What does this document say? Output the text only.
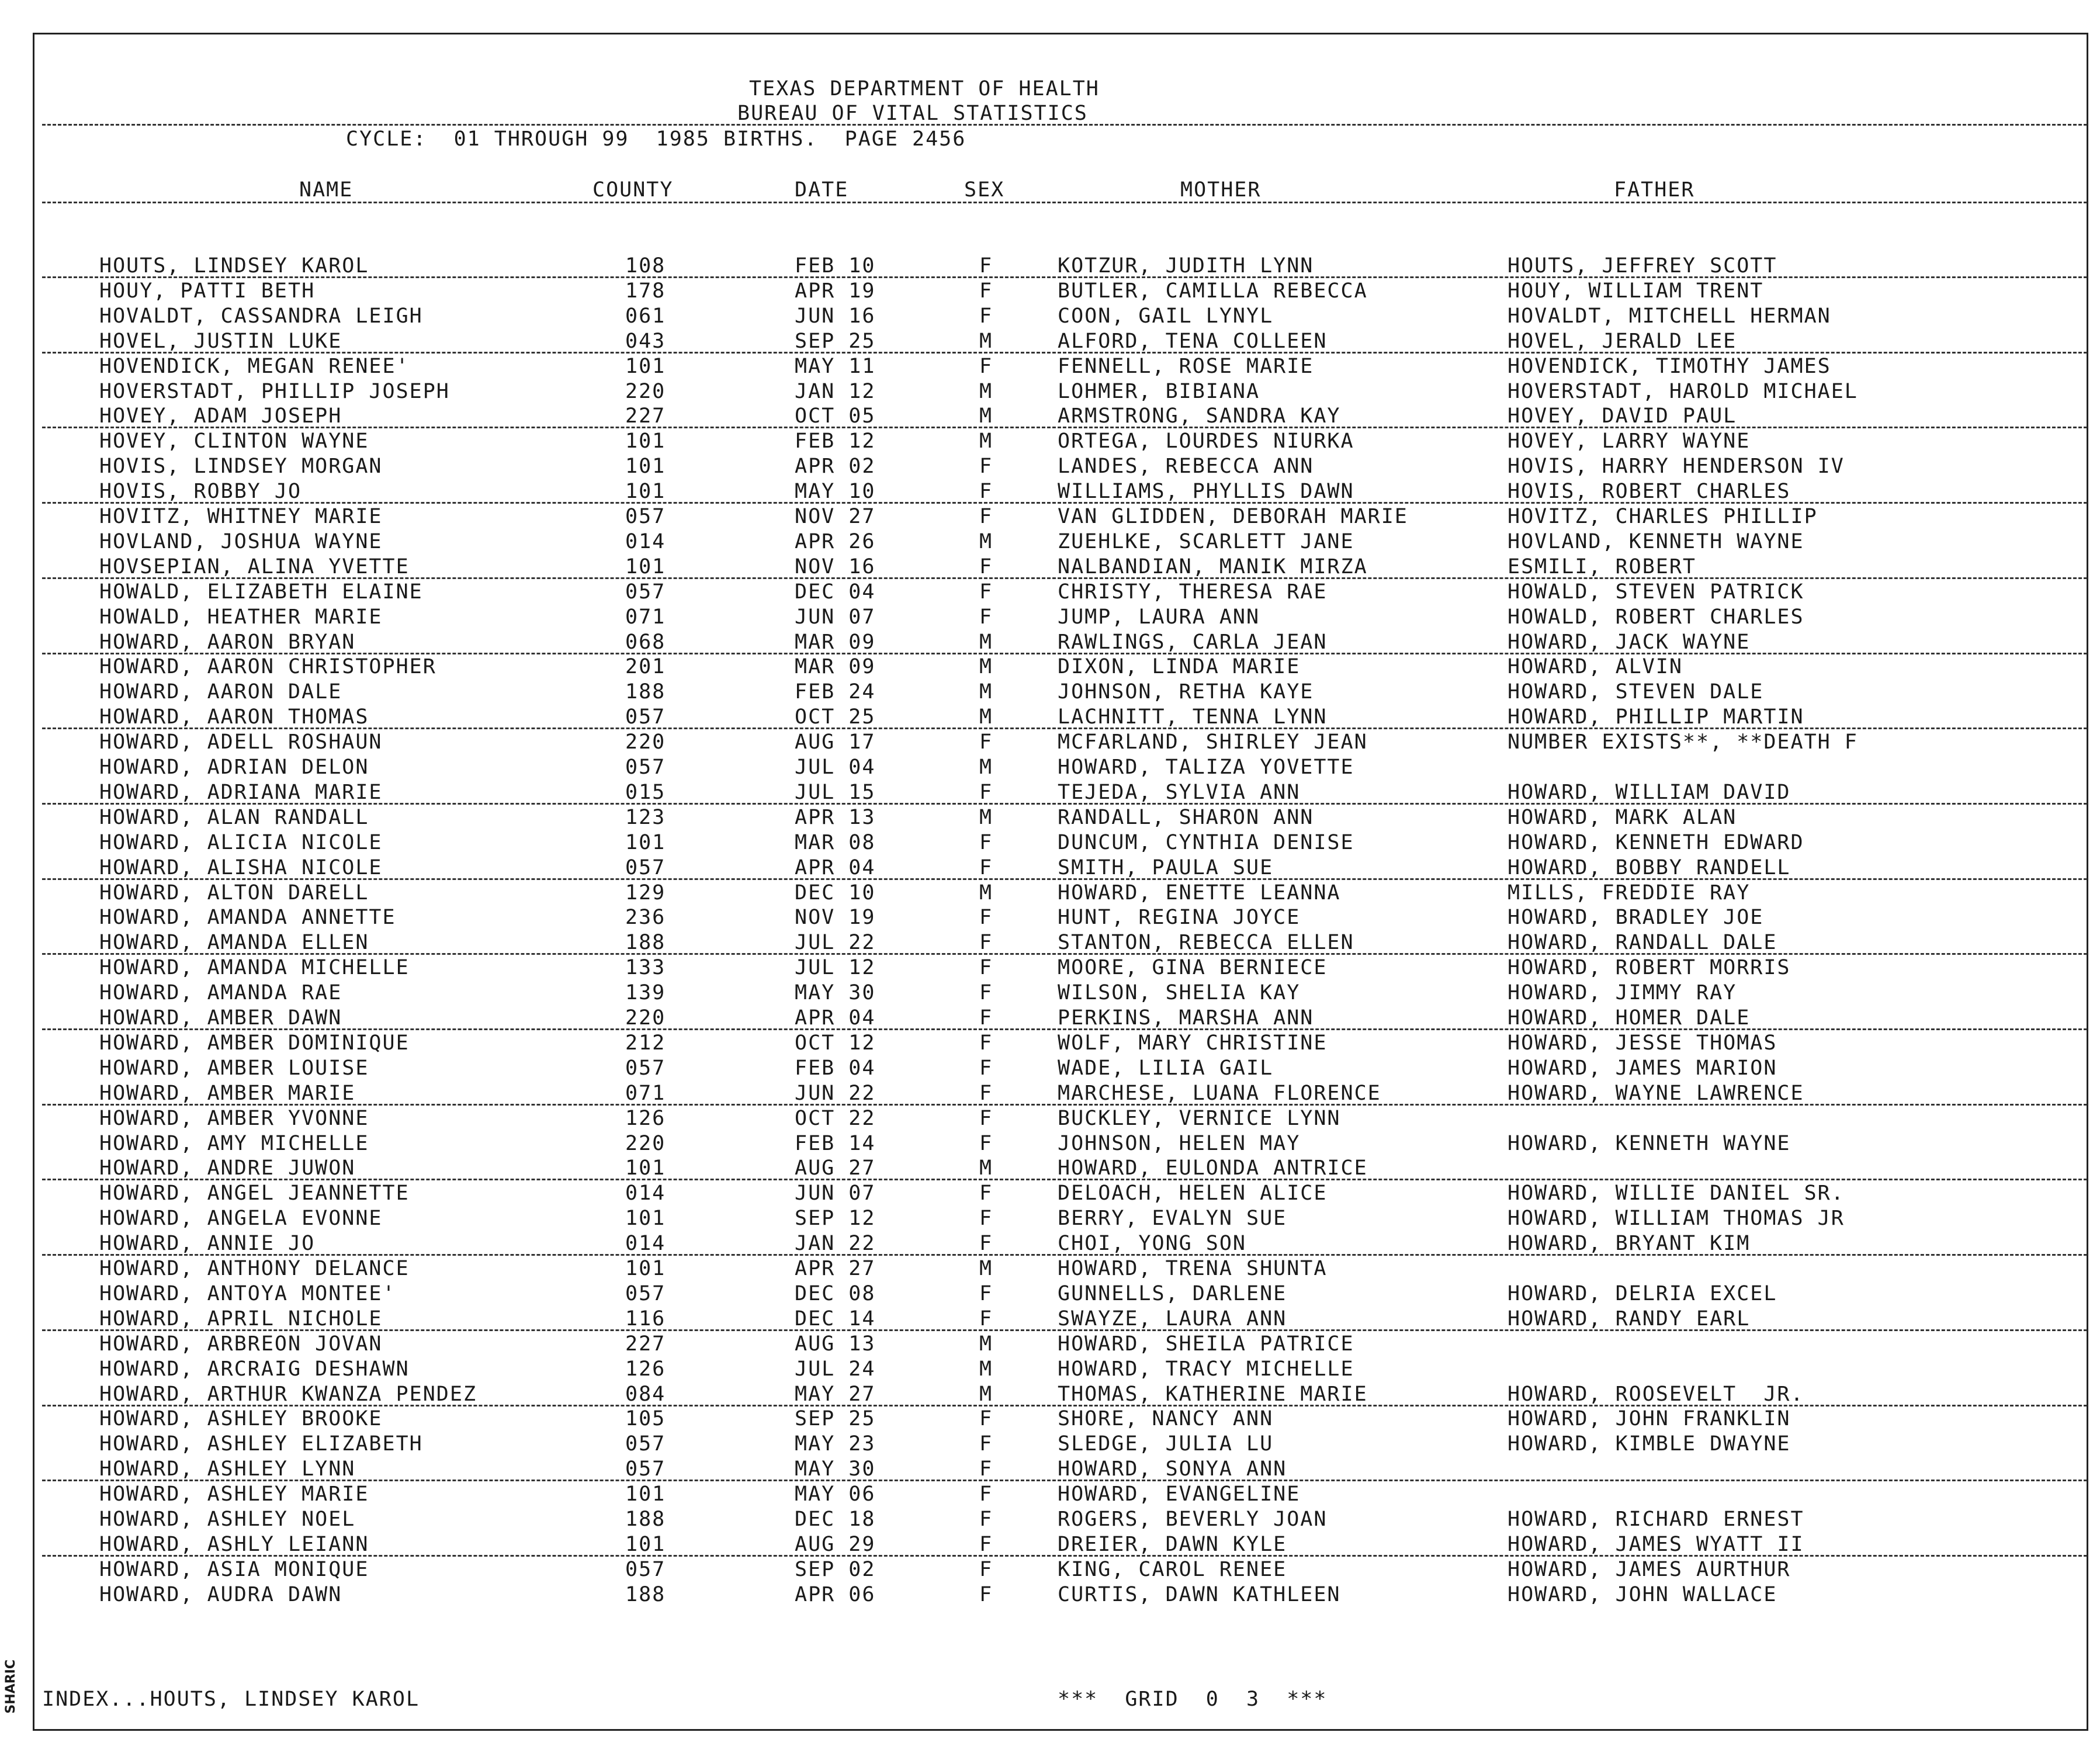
TEXAS DEPARTMENT OF HEALTH
BUREAU OF VITAL STATISTICS
CYCLE:  01 THROUGH 99  1985 BIRTHS.  PAGE 2456
NAME	COUNTY	DATE	SEX	MOTHER	FATHER
HOUTS, LINDSEY KAROL	108	FEB 10	F	KOTZUR, JUDITH LYNN	HOUTS, JEFFREY SCOTT
HOUY, PATTI BETH	178	APR 19	F	BUTLER, CAMILLA REBECCA	HOUY, WILLIAM TRENT
HOVALDT, CASSANDRA LEIGH	061	JUN 16	F	COON, GAIL LYNYL	HOVALDT, MITCHELL HERMAN
HOVEL, JUSTIN LUKE	043	SEP 25	M	ALFORD, TENA COLLEEN	HOVEL, JERALD LEE
HOVENDICK, MEGAN RENEE'	101	MAY 11	F	FENNELL, ROSE MARIE	HOVENDICK, TIMOTHY JAMES
HOVERSTADT, PHILLIP JOSEPH	220	JAN 12	M	LOHMER, BIBIANA	HOVERSTADT, HAROLD MICHAEL
HOVEY, ADAM JOSEPH	227	OCT 05	M	ARMSTRONG, SANDRA KAY	HOVEY, DAVID PAUL
HOVEY, CLINTON WAYNE	101	FEB 12	M	ORTEGA, LOURDES NIURKA	HOVEY, LARRY WAYNE
HOVIS, LINDSEY MORGAN	101	APR 02	F	LANDES, REBECCA ANN	HOVIS, HARRY HENDERSON IV
HOVIS, ROBBY JO	101	MAY 10	F	WILLIAMS, PHYLLIS DAWN	HOVIS, ROBERT CHARLES
HOVITZ, WHITNEY MARIE	057	NOV 27	F	VAN GLIDDEN, DEBORAH MARIE	HOVITZ, CHARLES PHILLIP
HOVLAND, JOSHUA WAYNE	014	APR 26	M	ZUEHLKE, SCARLETT JANE	HOVLAND, KENNETH WAYNE
HOVSEPIAN, ALINA YVETTE	101	NOV 16	F	NALBANDIAN, MANIK MIRZA	ESMILI, ROBERT
HOWALD, ELIZABETH ELAINE	057	DEC 04	F	CHRISTY, THERESA RAE	HOWALD, STEVEN PATRICK
HOWALD, HEATHER MARIE	071	JUN 07	F	JUMP, LAURA ANN	HOWALD, ROBERT CHARLES
HOWARD, AARON BRYAN	068	MAR 09	M	RAWLINGS, CARLA JEAN	HOWARD, JACK WAYNE
HOWARD, AARON CHRISTOPHER	201	MAR 09	M	DIXON, LINDA MARIE	HOWARD, ALVIN
HOWARD, AARON DALE	188	FEB 24	M	JOHNSON, RETHA KAYE	HOWARD, STEVEN DALE
HOWARD, AARON THOMAS	057	OCT 25	M	LACHNITT, TENNA LYNN	HOWARD, PHILLIP MARTIN
HOWARD, ADELL ROSHAUN	220	AUG 17	F	MCFARLAND, SHIRLEY JEAN	NUMBER EXISTS**, **DEATH F
HOWARD, ADRIAN DELON	057	JUL 04	M	HOWARD, TALIZA YOVETTE
HOWARD, ADRIANA MARIE	015	JUL 15	F	TEJEDA, SYLVIA ANN	HOWARD, WILLIAM DAVID
HOWARD, ALAN RANDALL	123	APR 13	M	RANDALL, SHARON ANN	HOWARD, MARK ALAN
HOWARD, ALICIA NICOLE	101	MAR 08	F	DUNCUM, CYNTHIA DENISE	HOWARD, KENNETH EDWARD
HOWARD, ALISHA NICOLE	057	APR 04	F	SMITH, PAULA SUE	HOWARD, BOBBY RANDELL
HOWARD, ALTON DARELL	129	DEC 10	M	HOWARD, ENETTE LEANNA	MILLS, FREDDIE RAY
HOWARD, AMANDA ANNETTE	236	NOV 19	F	HUNT, REGINA JOYCE	HOWARD, BRADLEY JOE
HOWARD, AMANDA ELLEN	188	JUL 22	F	STANTON, REBECCA ELLEN	HOWARD, RANDALL DALE
HOWARD, AMANDA MICHELLE	133	JUL 12	F	MOORE, GINA BERNIECE	HOWARD, ROBERT MORRIS
HOWARD, AMANDA RAE	139	MAY 30	F	WILSON, SHELIA KAY	HOWARD, JIMMY RAY
HOWARD, AMBER DAWN	220	APR 04	F	PERKINS, MARSHA ANN	HOWARD, HOMER DALE
HOWARD, AMBER DOMINIQUE	212	OCT 12	F	WOLF, MARY CHRISTINE	HOWARD, JESSE THOMAS
HOWARD, AMBER LOUISE	057	FEB 04	F	WADE, LILIA GAIL	HOWARD, JAMES MARION
HOWARD, AMBER MARIE	071	JUN 22	F	MARCHESE, LUANA FLORENCE	HOWARD, WAYNE LAWRENCE
HOWARD, AMBER YVONNE	126	OCT 22	F	BUCKLEY, VERNICE LYNN
HOWARD, AMY MICHELLE	220	FEB 14	F	JOHNSON, HELEN MAY	HOWARD, KENNETH WAYNE
HOWARD, ANDRE JUWON	101	AUG 27	M	HOWARD, EULONDA ANTRICE
HOWARD, ANGEL JEANNETTE	014	JUN 07	F	DELOACH, HELEN ALICE	HOWARD, WILLIE DANIEL SR.
HOWARD, ANGELA EVONNE	101	SEP 12	F	BERRY, EVALYN SUE	HOWARD, WILLIAM THOMAS JR
HOWARD, ANNIE JO	014	JAN 22	F	CHOI, YONG SON	HOWARD, BRYANT KIM
HOWARD, ANTHONY DELANCE	101	APR 27	M	HOWARD, TRENA SHUNTA
HOWARD, ANTOYA MONTEE'	057	DEC 08	F	GUNNELLS, DARLENE	HOWARD, DELRIA EXCEL
HOWARD, APRIL NICHOLE	116	DEC 14	F	SWAYZE, LAURA ANN	HOWARD, RANDY EARL
HOWARD, ARBREON JOVAN	227	AUG 13	M	HOWARD, SHEILA PATRICE
HOWARD, ARCRAIG DESHAWN	126	JUL 24	M	HOWARD, TRACY MICHELLE
HOWARD, ARTHUR KWANZA PENDEZ	084	MAY 27	M	THOMAS, KATHERINE MARIE	HOWARD, ROOSEVELT  JR.
HOWARD, ASHLEY BROOKE	105	SEP 25	F	SHORE, NANCY ANN	HOWARD, JOHN FRANKLIN
HOWARD, ASHLEY ELIZABETH	057	MAY 23	F	SLEDGE, JULIA LU	HOWARD, KIMBLE DWAYNE
HOWARD, ASHLEY LYNN	057	MAY 30	F	HOWARD, SONYA ANN
HOWARD, ASHLEY MARIE	101	MAY 06	F	HOWARD, EVANGELINE
HOWARD, ASHLEY NOEL	188	DEC 18	F	ROGERS, BEVERLY JOAN	HOWARD, RICHARD ERNEST
HOWARD, ASHLY LEIANN	101	AUG 29	F	DREIER, DAWN KYLE	HOWARD, JAMES WYATT II
HOWARD, ASIA MONIQUE	057	SEP 02	F	KING, CAROL RENEE	HOWARD, JAMES AURTHUR
HOWARD, AUDRA DAWN	188	APR 06	F	CURTIS, DAWN KATHLEEN	HOWARD, JOHN WALLACE
INDEX...HOUTS, LINDSEY KAROL	***  GRID  0  3  ***
SHARIC
